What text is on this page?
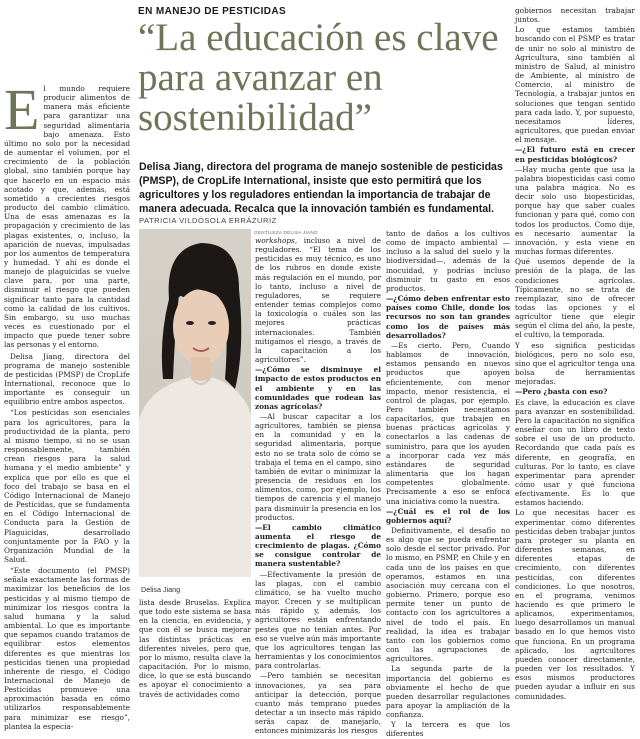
EN MANEJO DE PESTICIDAS
“La educación es clave para avanzar en sostenibilidad”
E l mundo requiere producir alimentos de manera más eficiente para garantizar una seguridad alimentaria bajo amenaza. Esto último no solo por la necesidad de aumentar el volumen, por el crecimiento de la población global, sino también porque hay que hacerlo en un espacio más acotado y que, además, está sometido a crecientes riesgos producto del cambio climático. Una de esas amenazas es la propagación y crecimiento de las plagas existentes, o, incluso, la aparición de nuevas, impulsadas por los aumentos de temperatura y humedad. Y ahí es donde el manejo de plaguicidas se vuelve clave para, por una parte, disminuir el riesgo que pueden significar tanto para la cantidad como la calidad de los cultivos. Sin embargo, su uso muchas veces es cuestionado por el impacto que puede tener sobre las personas y el entorno.

Delisa Jiang, directora del programa de manejo sostenible de pesticidas (PMSP) de CropLife International, reconoce que lo importante es conseguir un equilibrio entre ambos aspectos.

“Los pesticidas son esenciales para los agricultores, para la productividad de la planta, pero al mismo tiempo, si no se usan responsablemente, también crean riesgos para la salud humana y el medio ambiente” y explica que por ello es que el foco del trabajo se basa en el Código Internacional de Manejo de Pesticidas, que se fundamenta en el Código Internacional de Conducta para la Gestión de Plaguicidas, desarrollado conjuntamente por la FAO y la Organización Mundial de la Salud.

“Este documento (el PMSP) señala exactamente las formas de maximizar los beneficios de los pesticidas y al mismo tiempo de minimizar los riesgos contra la salud humana y la salud ambiental. Lo que es importante que sepamos cuando tratamos de equilibrar estos elementos diferentes es que mientras los pesticidas tienen una propiedad inherente de riesgo, el Código Internacional de Manejo de Pesticidas promueve una aproximación basada en cómo utilizarlos responsablemente para minimizar ese riesgo”, plantea la especia-

Delisa Jiang, directora del programa de manejo sostenible de pesticidas (PMSP), de CropLife International, insiste que esto permitirá que los agricultores y los reguladores entiendan la importancia de trabajar de manera adecuada. Recalca que la innovación también es fundamental.
PATRICIA VILDÓSOLA ERRÁZURIZ
GENTILEZA DELISA JIANG
Delisa Jiang

lista desde Bruselas. Explica que todo este sistema se basa en la ciencia, en evidencia, y que con él se busca mejorar las distintas prácticas en diferentes niveles, pero que, por lo mismo, resulta clave la capacitación. Por lo mismo, dice, lo que se está buscando es apoyar el conocimiento a través de actividades como

workshops, incluso a nivel de reguladores. “El tema de los pesticidas es muy técnico, es uno de los rubros en donde existe más regulación en el mundo, por lo tanto, incluso a nivel de reguladores, se requiere entender temas complejos como la toxicología o cuáles son las mejores prácticas internacionales. También mitigamos el riesgo, a través de la capacitación a los agricultores”.

—¿Cómo se disminuye el impacto de estos productos en el ambiente y en las comunidades que rodean las zonas agrícolas?

—Al buscar capacitar a los agricultores, también se piensa en la comunidad y en la seguridad alimentaria, porque esto no se trata solo de cómo se trabaja el tema en el campo, sino también de evitar o minimizar la presencia de residuos en los alimentos, como, por ejemplo, los tiempos de carencia y el manejo para disminuir la presencia en los productos.

—El cambio climático aumenta el riesgo de crecimiento de plagas. ¿Cómo se consigue controlar de manera sustentable?

—Efectivamente la presión de las plagas, con el cambio climático, se ha vuelto mucho mayor. Crecen y se multiplican más rápido y, además, los agricultores están enfrentando pestes que no tenían antes. Por eso se vuelve aún más importante que los agricultores tengan las herramientas y los conocimientos para controlarlas.

—Pero también se necesitan innovaciones, ya sea para anticipar la detección, porque cuanto más temprano puedes detectar a un insecto más rápido serás capaz de manejarlo, entonces minimizarás los riesgos

tanto de daños a los cultivos como de impacto ambiental —incluso a la salud del suelo y la biodiversidad—, además de la inocuidad, y podrías incluso disminuir tu gasto en esos productos.

—¿Cómo deben enfrentar esto países como Chile, donde los recursos no son tan grandes como los de países más desarrollados?

—Es cierto. Pero, Cuando hablamos de innovación, estamos pensando en nuevos productos que apoyen eficientemente, con menor impacto, menor resistencia, el control de plagas, por ejemplo. Pero también necesitamos capacitarlos, que trabajen en buenas prácticas agrícolas y conectarlos a las cadenas de suministro, para que los ayuden a incorporar cada vez más estándares de seguridad alimentaria que los hagan competentes globalmente. Precisamente a eso se enfoca una iniciativa como la nuestra.

—¿Cuál es el rol de los gobiernos aquí?

Definitivamente, el desafío no es algo que se pueda enfrentar solo desde el sector privado. Por lo mismo, en PSMP, en Chile y en cada uno de los países en que operamos, estamos en una asociación muy cercana con el gobierno. Primero, porque eso permite tener un punto de contacto con los agricultores a nivel de todo el país. En realidad, la idea es trabajar tanto con los gobiernos como con las agrupaciones de agricultores.

La segunda parte de la importancia del gobierno es obviamente el hecho de que pueden desarrollar regulaciones para apoyar la ampliación de la confianza.

Y la tercera es que los diferentes

gobiernos necesitan trabajar juntos.

Lo que estamos también buscando con el PSMP es tratar de unir no solo al ministro de Agricultura, sino también al ministro de Salud, al ministro de Ambiente, al ministro de Comercio, al ministro de Tecnología, a trabajar juntos en soluciones que tengan sentido para cada lado. Y, por supuesto, necesitamos líderes, agricultores, que puedan enviar el mensaje.

—¿El futuro está en crecer en pesticidas biológicos?

—Hay mucha gente que usa la palabra biopesticidas casi como una palabra mágica. No es decir solo uso biopesticidas, porque hay que saber cuales funcionan y para qué, como con todos los productos. Como dije, es necesario aumentar la innovación, y esta viene en muchas formas diferentes.

Qué usemos depende de la presión de la plaga, de las condiciones agrícolas. Típicamente, no se trata de reemplazar, sino de ofrecer todas las opciones y el agricultor tiene que elegir según el clima del año, la peste, el cultivo, la temporada.

Y eso significa pesticidas biológicos, pero no solo eso, sino que el agricultor tenga una bolsa de herramientas mejoradas.

—Pero ¿basta con eso?

Es clave, la educación es clave para avanzar en sostenibilidad. Pero la capacitación no significa enseñar con un libro de texto sobre el uso de un producto. Recordando que cada país es diferente, en geografía, en culturas. Por lo tanto, es clave experimentar para aprender cómo usar y qué funciona efectivamente. Es lo que estamos haciendo.

Lo que necesitas hacer es experimentar cómo diferentes pesticidas deben trabajar juntos para proteger su planta en diferentes semanas, en diferentes etapas de crecimiento, con diferentes pesticidas, con diferentes condiciones. Lo que nosotros, en el programa, venimos haciendo es que primero le aplicamos, experimentamos, luego desarrollamos un manual basado en lo que hemos visto que funciona. En un programa aplicado, los agricultores pueden conocer directamente, pueden ver los resultados. Y esos mismos productores pueden ayudar a influir en sus comunidades.
